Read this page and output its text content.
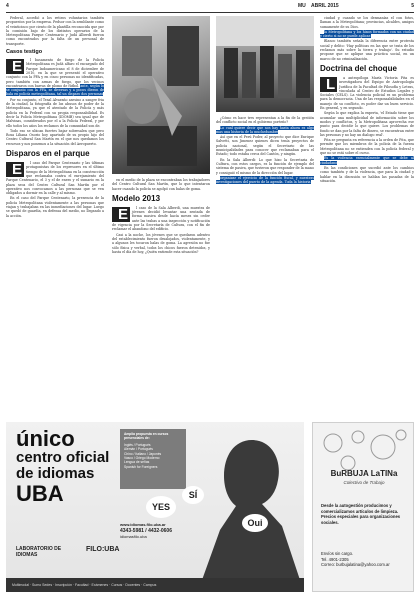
4	MU ABRIL 2015	5

Federal, accedió a los retiros voluntarios también propuestos por la empresa. Pedsor con la semblante como el veinticinco por ciento de la plantilla reconocida que por la comisión bajo de los distintos operarios de la Metropolitana Parque Centenario y Judá Alberdi fueron como encontrados por la falta de un personal de transporte.

Casos testigo

E	l basamento de fuego de la Policía Metropolitana es Judá alfaro el encargado del Parque Indoamericano el 8 de diciembre de 2010, en la que se presentó el operativo conjunto con la PFA y en cinco personas no identificadas, pero también con armas de fuego, que los vecinos encontraron con barras de plomo de fútbol. ante, según lo se conjunto con la PFA, se diversas y a pocos dieron de bala en policía metropolitana, tal un disparo dos personas

Por su conjunto, el Tesal Alvaraño asesino a sangre fria de la ciudad, la fotografía de los abusos de poder de la Metropolitana, ya que el atentado de la Policía y más policía en la Federal con su propia responsabilidad. Es decir la Policía Metropolitana (IDOMB) sea igual que de Malvinas, considerados por el a la Policía Federal, y por ello todos los años los reclamos de la comunidad son de.

Todo eso se ubican fuertes bajar sobresalen que pero Rosa Liliana Osorio hoy apartado de su propio hijo del Centro Cultural San Martín en el que nos quedamos los recursos y nos ponemos a la situación del Aeropuerto.

Disparos en el parque

E	l caso del Parque Centenario y las últimas protagonistas de los represores en el último tiempo de la Metropolitana en la construcción que reclamaba contra el enrejamiento del Parque Centenario, el 3 y el de enero y el sumario en la plaza seca del Centro Cultural San Martín por el operativo nos convocamos a las personas que se ven obligados a dormir en la calle y al mismo.

En el caso del Parque Centenario, la presencia de la policía Metropolitana violentamente a las personas que viajan y trabajaban en las inmediaciones del lugar. Luego se quedó de guardia, en defensa del medio, no llegando a la acción.

en el medio de la plaza se encontraban los trabajadores del Centro Cultural San Martín, que lo que intentaron hacer cuando la policía se agolpó con balas de goma.

Modelo 2013

E	l caso de la Sala Alberdi, una muestra de jóvenes decidió levantar una sentada de forma masiva desde hacía meses sin ceder ante las trabas a una inspección y notificación de vigencia por la Secretaría de Cultura, con el fin de reclamar el abandono del edificio.

Casi a la noche, los jóvenes que se quedaron adentro del establecimiento fueron desalojados, violentamente, y a algunos les tocaron balas de goma. La agresión no fue sólo física y verbal, todos los chicos fueron detenidos, y hasta el día de hoy, ¿Quién entiende esta situación?

¿Cómo es hace tres representan a la fin de la gestión del conflicto social en el gobierno porteño?

Lo cual quiere decir que nos hay hasta ahora es algo mas una historia de la muchedumbre

Así que en el Perú Poder, al proyecto que dice Enrique Salvetti, son Jimenez quienes dicen tenía proyectos de policía nacional, según el Secretario de las municipalidades para conocer que reclamaban para el Estado; todo estaba cerca del Cantón, y ningún.

En la Sala Alberdi: Lo que hizo la Secretaria de Cultura, con estos cargos, es la función de ejemplo del sistema de pasiva, que tuvieron que responder de la mano y consiguió el mismo de la dirección del lugar.

organizar el ejercicio de la función fiscal, y nuestras investigaciones del puerto de la agenda. Toda la historia

ciudad y, cuando se los desmanías el con fotos, llaman a la Metropolitana; provincias, alcaldes, amigos sumamente de su Dios.

la Metropolitana y los hinos formados con un ciudad y cierto si no se puede aplicar.

Blanco también señala la diferencia entre protesta social y delito: 'Hay políticas en las que se trata de los reclamos más sobre la tierra y trabajo'. Su estudio propone que se aplique una práctica social, en un marco de no criminalización.

Doctrina del choque

L	a antropóloga María Victoria Pita es investigadora del Equipo de Antropología Jurídica de la Facultad de Filosofía y Letras, vinculada al Centro de Estudios Legales y Sociales (CELS). La violencia policial es un problema para la democracia. Una de las responsabilidades en el manejo de su conflicto, es poder dar un buen servicio. En general, y en segundo.

Según lo que explica la experta, 'el Estado tiene que acumular una multiplicidad de información sobre los modos y conflictos, y la Metropolitana aprovecha ese punto para decidir lo que quiere. Los problemas de fondo se dan por la falta de dinero, se encuentran entre las personas y no hay un dialogo real'.

Pita se pregunta en referencia a la orden de Pita, que permite que los miembros de la policía de la fuerza Metropolitana no se entienden con la policía federal y que no se está sobre el curso.

Es la violencia esencialmente que se debe al ciudadano

En las condiciones que sucedió ante los cambios como también y de la violencia, que para la ciudad y hablar en la discusión se hablan las pasadas de la situación.

único
centro oficial
de idiomas
UBA
Amplia propuesta en cursos presenciales de:
Inglés / Portugués
Alemán / Portugués
Chino / Italiano / Japonés
Vasco / Griego Moderno
Lengua de señas
Spanish for Foreigners
YES
SÍ
Oui
www.idiomas.filo.uba.ar
4343-5981 / 4432-0606
idiomasfilo.uba
LABORATORIO DE IDIOMAS
FILO:UBA
Multimodal · Sumo Sedes · Inscripción · Facultad · Exámenes · Cursos · Docentes · Campus
BuRBUJA LaTINa
Colectivo de Trabajo
Desde la autogestión producimos y comercializamos artículos de limpieza. Precios especiales para organizaciones sociales.
Envíos sin cargo.
Tel. 4901-2305
Correo: burbujalatina@yahoo.com.ar
